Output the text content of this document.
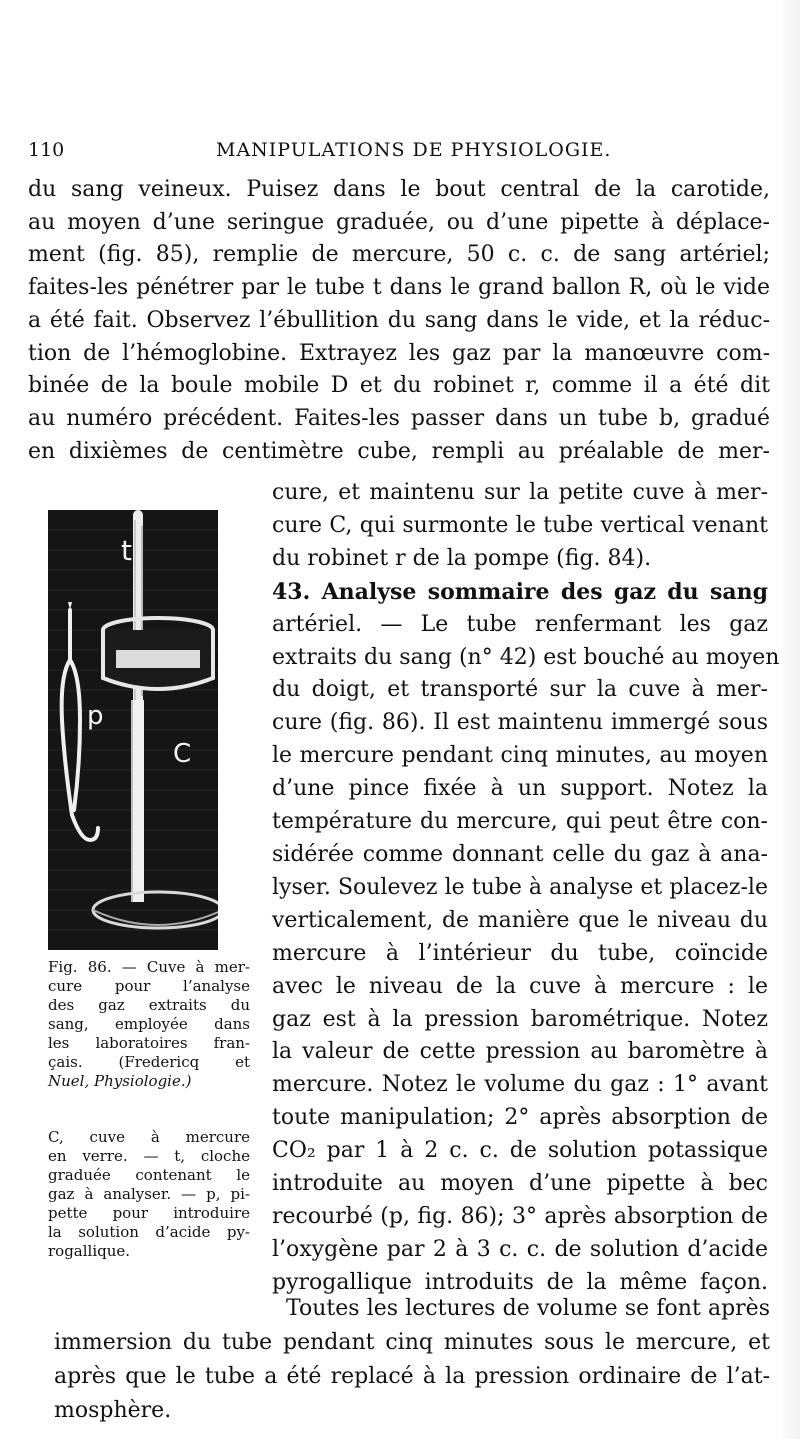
110	MANIPULATIONS DE PHYSIOLOGIE.
du sang veineux. Puisez dans le bout central de la carotide,
au moyen d’une seringue graduée, ou d’une pipette à déplace-
ment (fig. 85), remplie de mercure, 50 c. c. de sang artériel;
faites-les pénétrer par le tube t dans le grand ballon R, où le vide
a été fait. Observez l’ébullition du sang dans le vide, et la réduc-
tion de l’hémoglobine. Extrayez les gaz par la manœuvre com-
binée de la boule mobile D et du robinet r, comme il a été dit
au numéro précédent. Faites-les passer dans un tube b, gradué
en dixièmes de centimètre cube, rempli au préalable de mer-
cure, et maintenu sur la petite cuve à mer-
cure C, qui surmonte le tube vertical venant
du robinet r de la pompe (fig. 84).
43. Analyse sommaire des gaz du sang
artériel. — Le tube renfermant les gaz
extraits du sang (n° 42) est bouché au moyen
du doigt, et transporté sur la cuve à mer-
cure (fig. 86). Il est maintenu immergé sous
le mercure pendant cinq minutes, au moyen
d’une pince fixée à un support. Notez la
température du mercure, qui peut être con-
sidérée comme donnant celle du gaz à ana-
lyser. Soulevez le tube à analyse et placez-le
verticalement, de manière que le niveau du
mercure à l’intérieur du tube, coïncide
avec le niveau de la cuve à mercure : le
gaz est à la pression barométrique. Notez
la valeur de cette pression au baromètre à
mercure. Notez le volume du gaz : 1° avant
toute manipulation; 2° après absorption de
CO₂ par 1 à 2 c. c. de solution potassique
introduite au moyen d’une pipette à bec
recourbé (p, fig. 86); 3° après absorption de
l’oxygène par 2 à 3 c. c. de solution d’acide
pyrogallique introduits de la même façon.
t
p
C
Fig. 86. — Cuve à mer-
cure pour l’analyse
des gaz extraits du
sang, employée dans
les laboratoires fran-
çais. (Fredericq et
Nuel, Physiologie.)
C, cuve à mercure
en verre. — t, cloche
graduée contenant le
gaz à analyser. — p, pi-
pette pour introduire
la solution d’acide py-
rogallique.
Toutes les lectures de volume se font après
immersion du tube pendant cinq minutes sous le mercure, et
après que le tube a été replacé à la pression ordinaire de l’at-
mosphère.
